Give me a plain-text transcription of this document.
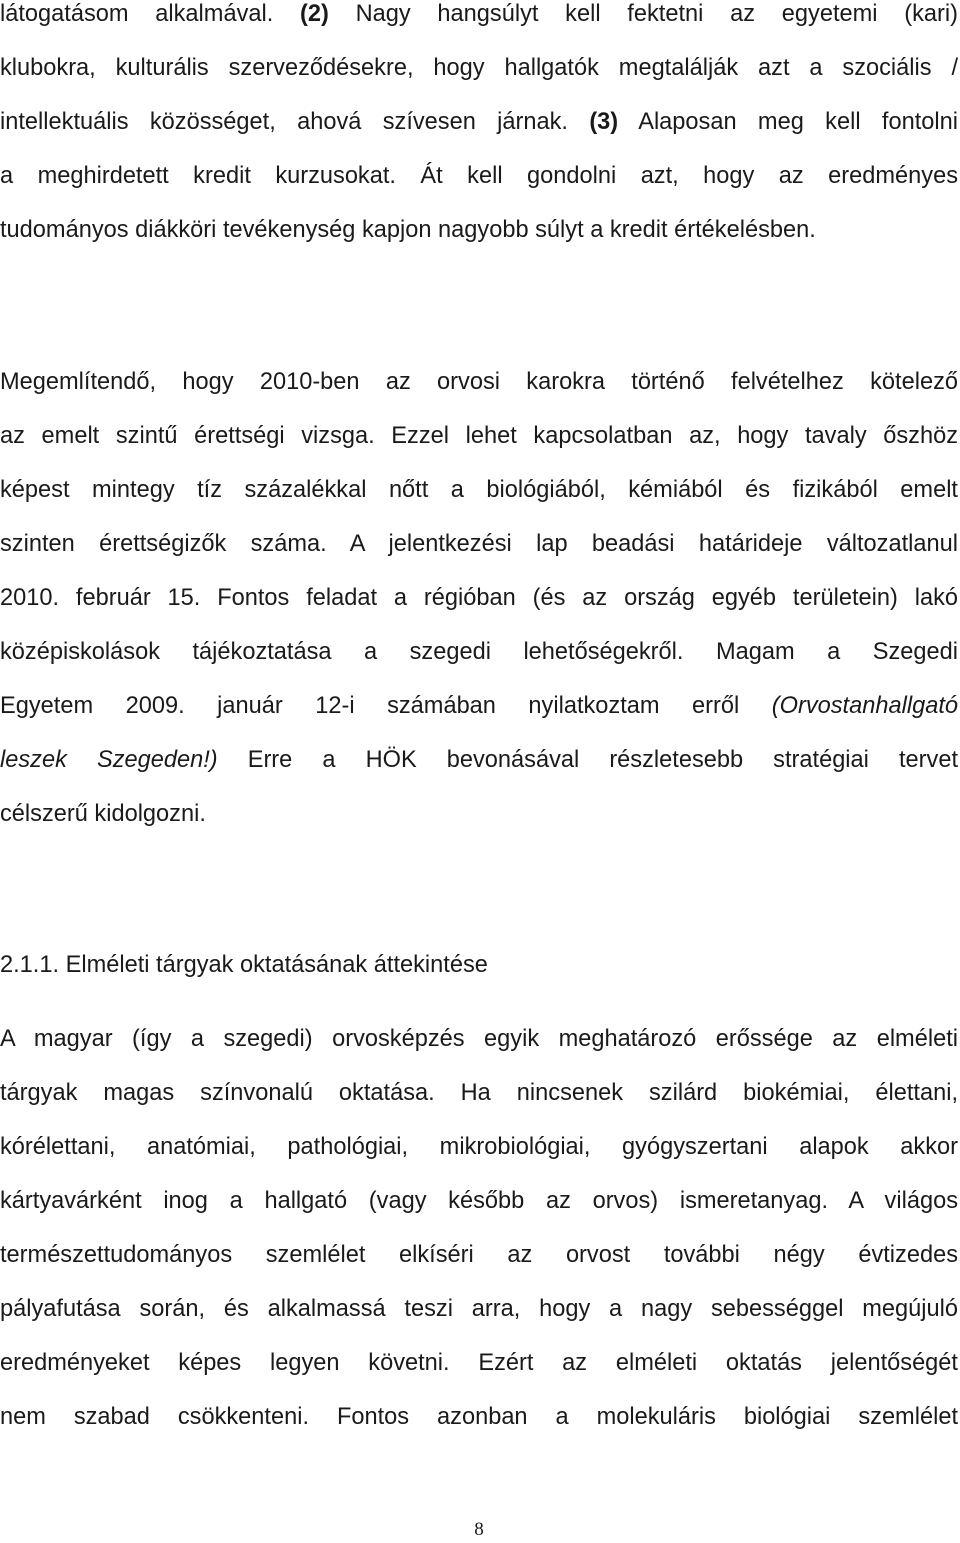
látogatásom alkalmával. (2) Nagy hangsúlyt kell fektetni az egyetemi (kari)
klubokra, kulturális szerveződésekre, hogy hallgatók megtalálják azt a szociális /
intellektuális közösséget, ahová szívesen járnak. (3) Alaposan meg kell fontolni
a meghirdetett kredit kurzusokat. Át kell gondolni azt, hogy az eredményes
tudományos diákköri tevékenység kapjon nagyobb súlyt a kredit értékelésben.

Megemlítendő, hogy 2010-ben az orvosi karokra történő felvételhez kötelező
az emelt szintű érettségi vizsga. Ezzel lehet kapcsolatban az, hogy tavaly őszhöz
képest mintegy tíz százalékkal nőtt a biológiából, kémiából és fizikából emelt
szinten érettségizők száma. A jelentkezési lap beadási határideje változatlanul
2010. február 15. Fontos feladat a régióban (és az ország egyéb területein) lakó
középiskolások tájékoztatása a szegedi lehetőségekről. Magam a Szegedi
Egyetem 2009. január 12-i számában nyilatkoztam erről (Orvostanhallgató
leszek Szegeden!) Erre a HÖK bevonásával részletesebb stratégiai tervet
célszerű kidolgozni.

2.1.1. Elméleti tárgyak oktatásának áttekintése

A magyar (így a szegedi) orvosképzés egyik meghatározó erőssége az elméleti
tárgyak magas színvonalú oktatása. Ha nincsenek szilárd biokémiai, élettani,
kórélettani, anatómiai, pathológiai, mikrobiológiai, gyógyszertani alapok akkor
kártyavárként inog a hallgató (vagy később az orvos) ismeretanyag. A világos
természettudományos szemlélet elkíséri az orvost további négy évtizedes
pályafutása során, és alkalmassá teszi arra, hogy a nagy sebességgel megújuló
eredményeket képes legyen követni. Ezért az elméleti oktatás jelentőségét
nem szabad csökkenteni. Fontos azonban a molekuláris biológiai szemlélet

8
